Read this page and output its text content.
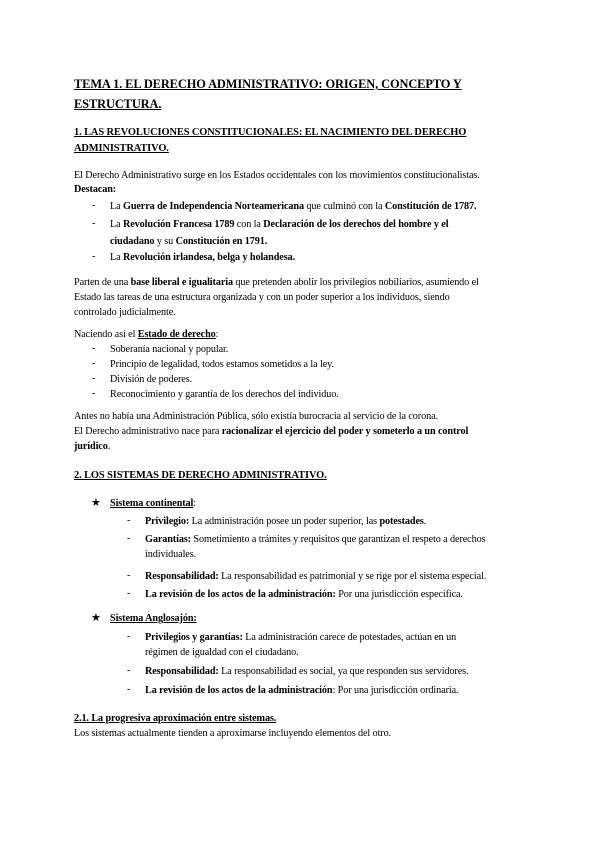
TEMA 1. EL DERECHO ADMINISTRATIVO: ORIGEN, CONCEPTO Y
ESTRUCTURA.
1. LAS REVOLUCIONES CONSTITUCIONALES: EL NACIMIENTO DEL DERECHO
ADMINISTRATIVO.
El Derecho Administrativo surge en los Estados occidentales con los movimientos constitucionalistas.
Destacan:
- La Guerra de Independencia Norteamericana que culminó con la Constitución de 1787.
- La Revolución Francesa 1789 con la Declaración de los derechos del hombre y el
ciudadano y su Constitución en 1791.
- La Revolución irlandesa, belga y holandesa.
Parten de una base liberal e igualitaria que pretenden abolir los privilegios nobiliarios, asumiendo el
Estado las tareas de una estructura organizada y con un poder superior a los individuos, siendo
controlado judicialmente.
Naciendo así el Estado de derecho:
- Soberanía nacional y popular.
- Principio de legalidad, todos estamos sometidos a la ley.
- División de poderes.
- Reconocimiento y garantía de los derechos del individuo.
Antes no había una Administración Pública, sólo existía burocracia al servicio de la corona.
El Derecho administrativo nace para racionalizar el ejercicio del poder y someterlo a un control
jurídico.
2. LOS SISTEMAS DE DERECHO ADMINISTRATIVO.
★ Sistema continental:
- Privilegio: La administración posee un poder superior, las potestades.
- Garantías: Sometimiento a trámites y requisitos que garantizan el respeto a derechos
individuales.
- Responsabilidad: La responsabilidad es patrimonial y se rige por el sistema especial.
- La revisión de los actos de la administración: Por una jurisdicción específica.
★ Sistema Anglosajón:
- Privilegios y garantías: La administración carece de potestades, actúan en un
régimen de igualdad con el ciudadano.
- Responsabilidad: La responsabilidad es social, ya que responden sus servidores.
- La revisión de los actos de la administración: Por una jurisdicción ordinaria.
2.1. La progresiva aproximación entre sistemas.
Los sistemas actualmente tienden a aproximarse incluyendo elementos del otro.
